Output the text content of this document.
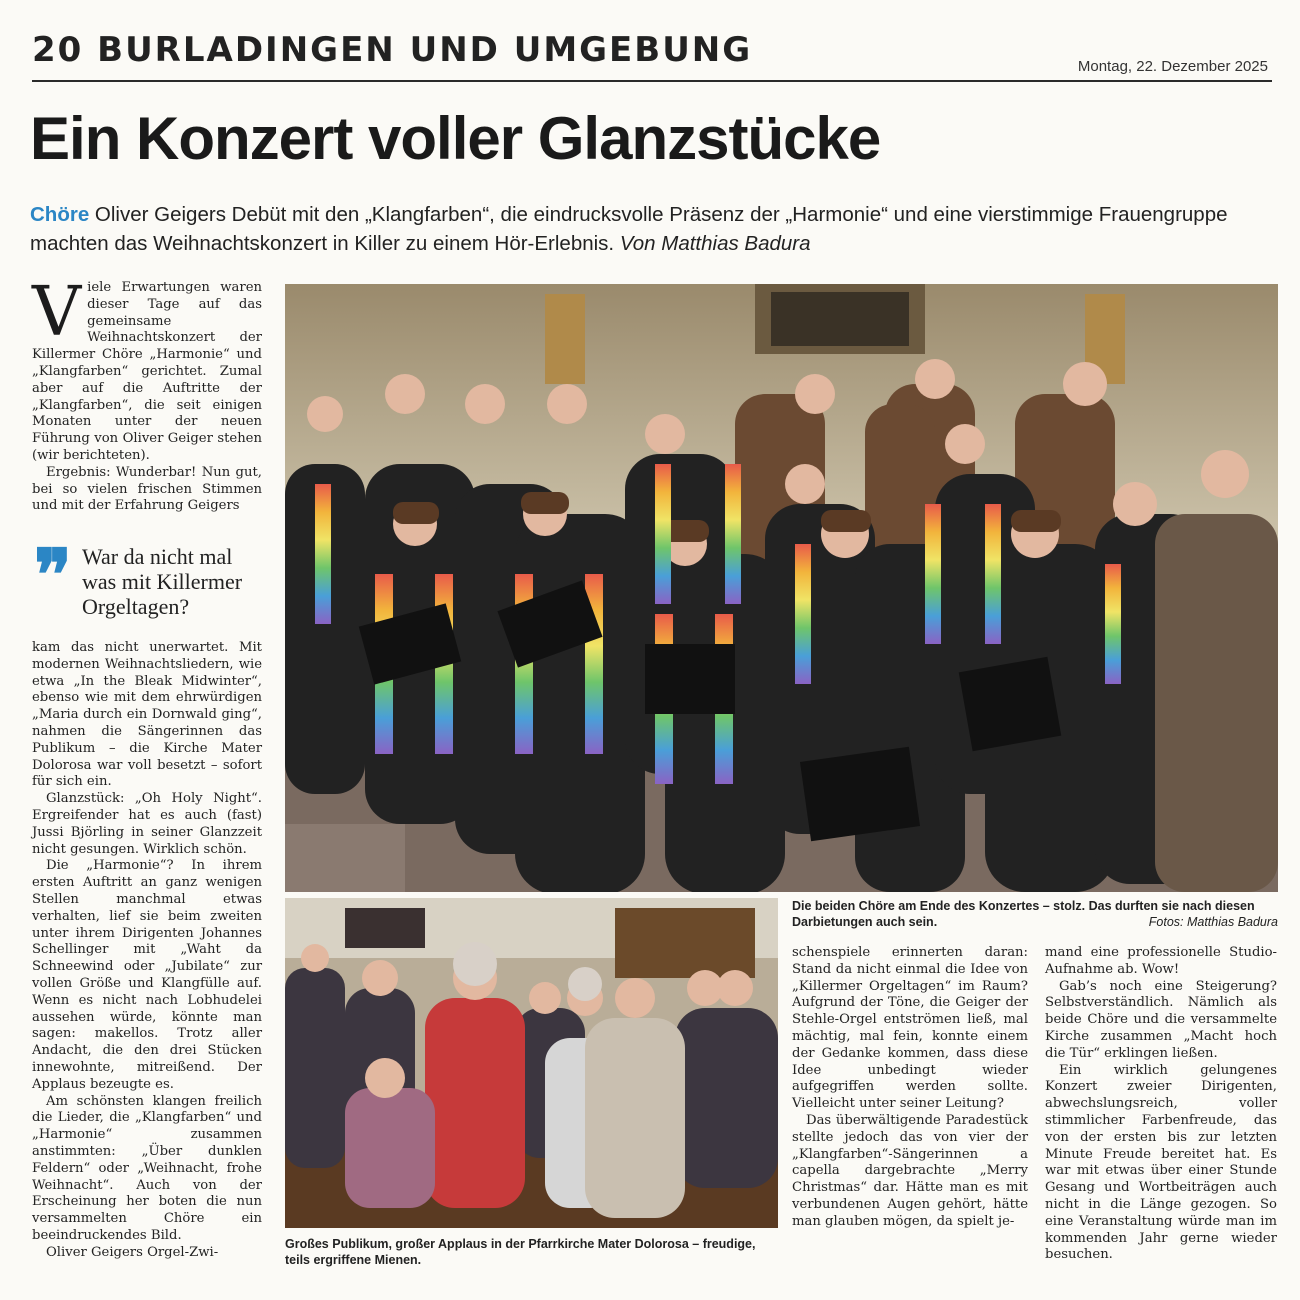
20 BURLADINGEN UND UMGEBUNG	Montag, 22. Dezember 2025
Ein Konzert voller Glanzstücke
Chöre Oliver Geigers Debüt mit den „Klangfarben“, die eindrucksvolle Präsenz der „Harmonie“ und eine vierstimmige Frauengruppe machten das Weihnachtskonzert in Killer zu einem Hör-Erlebnis. Von Matthias Badura

Viele Erwartungen waren dieser Tage auf das gemeinsame Weihnachtskonzert der Killermer Chöre „Harmonie“ und „Klangfarben“ gerichtet. Zumal aber auf die Auftritte der „Klangfarben“, die seit einigen Monaten unter der neuen Führung von Oliver Geiger stehen (wir berichteten).

Ergebnis: Wunderbar! Nun gut, bei so vielen frischen Stimmen und mit der Erfahrung Geigers

❞ War da nicht mal was mit Killermer Orgeltagen?

kam das nicht unerwartet. Mit modernen Weihnachtsliedern, wie etwa „In the Bleak Midwinter“, ebenso wie mit dem ehrwürdigen „Maria durch ein Dornwald ging“, nahmen die Sängerinnen das Publikum – die Kirche Mater Dolorosa war voll besetzt – sofort für sich ein.

Glanzstück: „Oh Holy Night“. Ergreifender hat es auch (fast) Jussi Björling in seiner Glanzzeit nicht gesungen. Wirklich schön.

Die „Harmonie“? In ihrem ersten Auftritt an ganz wenigen Stellen manchmal etwas verhalten, lief sie beim zweiten unter ihrem Dirigenten Johannes Schellinger mit „Waht da Schneewind oder „Jubilate“ zur vollen Größe und Klangfülle auf. Wenn es nicht nach Lobhudelei aussehen würde, könnte man sagen: makellos. Trotz aller Andacht, die den drei Stücken innewohnte, mitreißend. Der Applaus bezeugte es.

Am schönsten klangen freilich die Lieder, die „Klangfarben“ und „Harmonie“ zusammen anstimmten: „Über dunklen Feldern“ oder „Weihnacht, frohe Weihnacht“. Auch von der Erscheinung her boten die nun versammelten Chöre ein beeindruckendes Bild.

Oliver Geigers Orgel-Zwi-

Die beiden Chöre am Ende des Konzertes – stolz. Das durften sie nach diesen Darbietungen auch sein.	Fotos: Matthias Badura
Großes Publikum, großer Applaus in der Pfarrkirche Mater Dolorosa – freudige, teils ergriffene Mienen.

schenspiele erinnerten daran: Stand da nicht einmal die Idee von „Killermer Orgeltagen“ im Raum? Aufgrund der Töne, die Geiger der Stehle-Orgel entströmen ließ, mal mächtig, mal fein, konnte einem der Gedanke kommen, dass diese Idee unbedingt wieder aufgegriffen werden sollte. Vielleicht unter seiner Leitung?

Das überwältigende Paradestück stellte jedoch das von vier der „Klangfarben“-Sängerinnen a capella dargebrachte „Merry Christmas“ dar. Hätte man es mit verbundenen Augen gehört, hätte man glauben mögen, da spielt je-

mand eine professionelle Studio-Aufnahme ab. Wow!

Gab’s noch eine Steigerung? Selbstverständlich. Nämlich als beide Chöre und die versammelte Kirche zusammen „Macht hoch die Tür“ erklingen ließen.

Ein wirklich gelungenes Konzert zweier Dirigenten, abwechslungsreich, voller stimmlicher Farbenfreude, das von der ersten bis zur letzten Minute Freude bereitet hat. Es war mit etwas über einer Stunde Gesang und Wortbeiträgen auch nicht in die Länge gezogen. So eine Veranstaltung würde man im kommenden Jahr gerne wieder besuchen.
